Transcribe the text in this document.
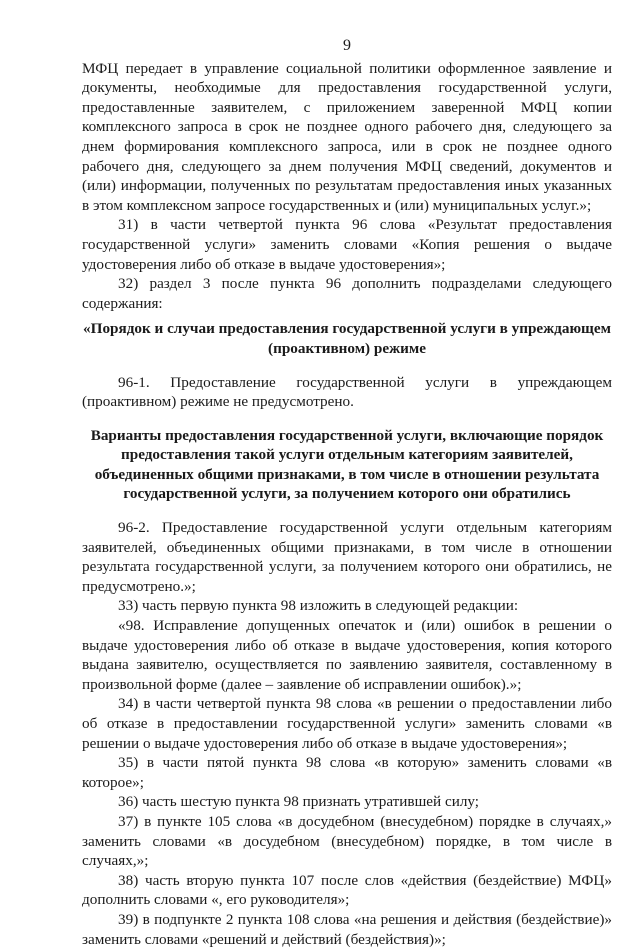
9

МФЦ передает в управление социальной политики оформленное заявление и документы, необходимые для предоставления государственной услуги, предоставленные заявителем, с приложением заверенной МФЦ копии комплексного запроса в срок не позднее одного рабочего дня, следующего за днем формирования комплексного запроса, или в срок не позднее одного рабочего дня, следующего за днем получения МФЦ сведений, документов и (или) информации, полученных по результатам предоставления иных указанных в этом комплексном запросе государственных и (или) муниципальных услуг.»;

31) в части четвертой пункта 96 слова «Результат предоставления государственной услуги» заменить словами «Копия решения о выдаче удостоверения либо об отказе в выдаче удостоверения»;

32) раздел 3 после пункта 96 дополнить подразделами следующего содержания:

«Порядок и случаи предоставления государственной услуги в упреждающем (проактивном) режиме

96-1. Предоставление государственной услуги в упреждающем (проактивном) режиме не предусмотрено.

Варианты предоставления государственной услуги, включающие порядок предоставления такой услуги отдельным категориям заявителей, объединенных общими признаками, в том числе в отношении результата государственной услуги, за получением которого они обратились

96-2. Предоставление государственной услуги отдельным категориям заявителей, объединенных общими признаками, в том числе в отношении результата государственной услуги, за получением которого они обратились, не предусмотрено.»;

33) часть первую пункта 98 изложить в следующей редакции:

«98. Исправление допущенных опечаток и (или) ошибок в решении о выдаче удостоверения либо об отказе в выдаче удостоверения, копия которого выдана заявителю, осуществляется по заявлению заявителя, составленному в произвольной форме (далее – заявление об исправлении ошибок).»;

34) в части четвертой пункта 98 слова «в решении о предоставлении либо об отказе в предоставлении государственной услуги» заменить словами «в решении о выдаче удостоверения либо об отказе в выдаче удостоверения»;

35) в части пятой пункта 98 слова «в которую» заменить словами «в которое»;

36) часть шестую пункта 98 признать утратившей силу;

37) в пункте 105 слова «в досудебном (внесудебном) порядке в случаях,» заменить словами «в досудебном (внесудебном) порядке, в том числе в случаях,»;

38) часть вторую пункта 107 после слов «действия (бездействие) МФЦ» дополнить словами «, его руководителя»;

39) в подпункте 2 пункта 108 слова «на решения и действия (бездействие)» заменить словами «решений и действий (бездействия)»;
